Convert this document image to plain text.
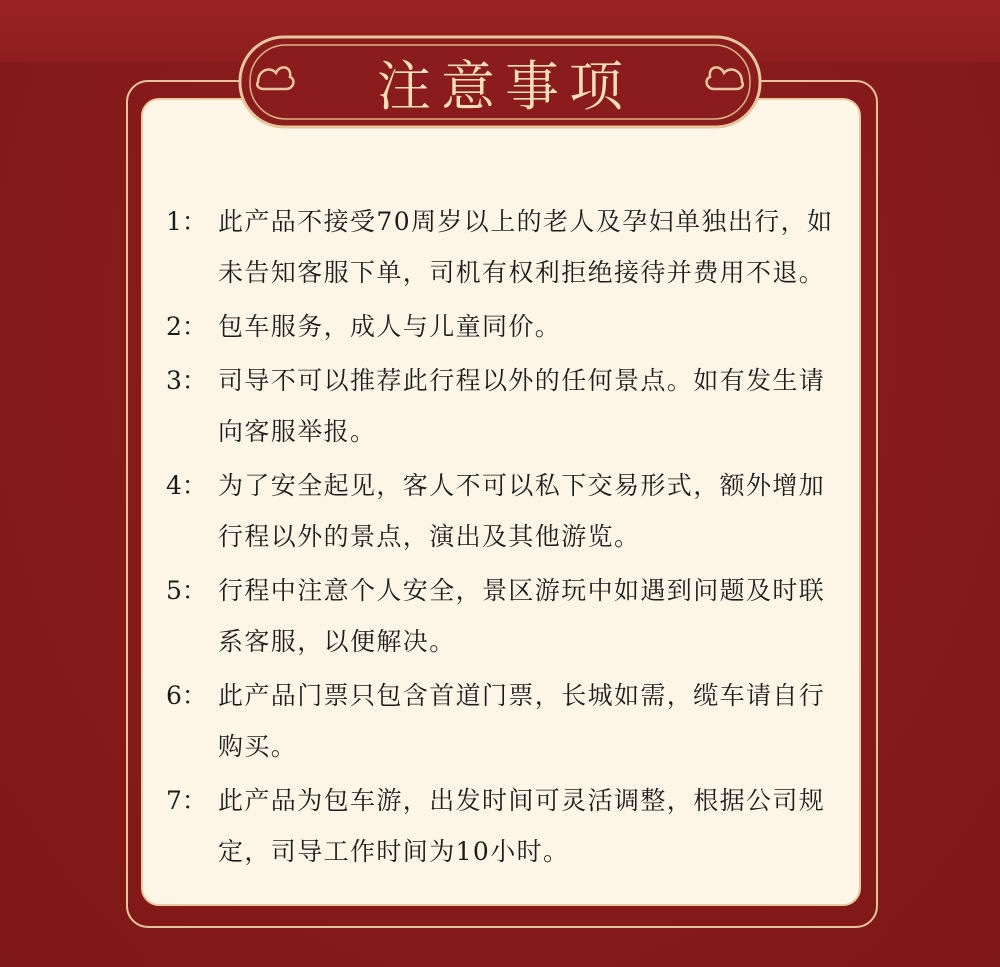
注意事项
1： 此产品不接受70周岁以上的老人及孕妇单独出行，如未告知客服下单，司机有权利拒绝接待并费用不退。
2： 包车服务，成人与儿童同价。
3： 司导不可以推荐此行程以外的任何景点。如有发生请向客服举报。
4： 为了安全起见，客人不可以私下交易形式，额外增加行程以外的景点，演出及其他游览。
5： 行程中注意个人安全，景区游玩中如遇到问题及时联系客服，以便解决。
6： 此产品门票只包含首道门票，长城如需，缆车请自行购买。
7： 此产品为包车游，出发时间可灵活调整，根据公司规定，司导工作时间为10小时。
